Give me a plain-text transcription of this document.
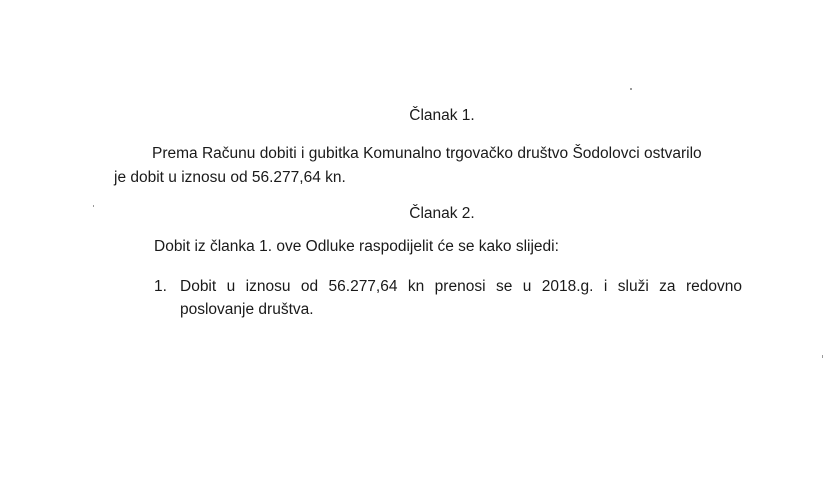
Članak 1.

Prema Računu dobiti i gubitka Komunalno trgovačko društvo Šodolovci ostvarilo

je dobit u iznosu od 56.277,64 kn.

Članak 2.

Dobit iz članka 1. ove Odluke raspodijelit će se kako slijedi:

1. Dobit u iznosu od 56.277,64 kn prenosi se u 2018.g. i služi za redovno
poslovanje društva.
